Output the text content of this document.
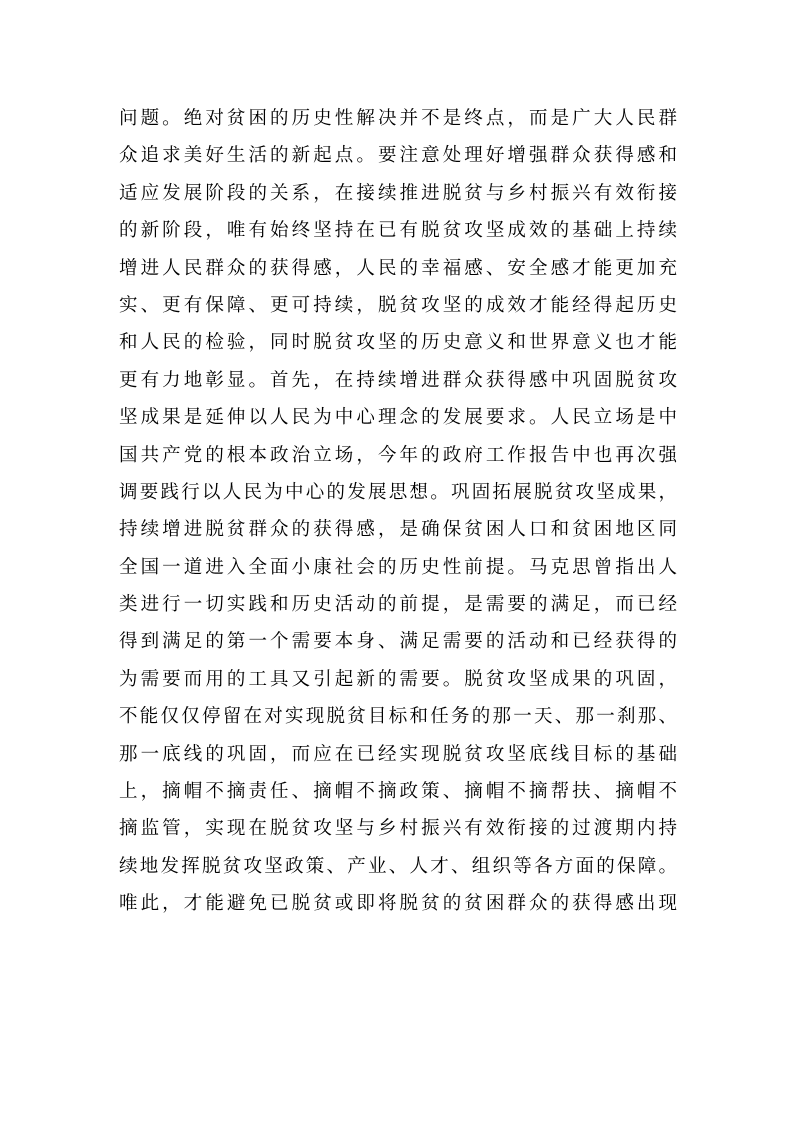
问题。绝对贫困的历史性解决并不是终点，而是广大人民群
众追求美好生活的新起点。要注意处理好增强群众获得感和
适应发展阶段的关系，在接续推进脱贫与乡村振兴有效衔接
的新阶段，唯有始终坚持在已有脱贫攻坚成效的基础上持续
增进人民群众的获得感，人民的幸福感、安全感才能更加充
实、更有保障、更可持续，脱贫攻坚的成效才能经得起历史
和人民的检验，同时脱贫攻坚的历史意义和世界意义也才能
更有力地彰显。首先，在持续增进群众获得感中巩固脱贫攻
坚成果是延伸以人民为中心理念的发展要求。人民立场是中
国共产党的根本政治立场，今年的政府工作报告中也再次强
调要践行以人民为中心的发展思想。巩固拓展脱贫攻坚成果，
持续增进脱贫群众的获得感，是确保贫困人口和贫困地区同
全国一道进入全面小康社会的历史性前提。马克思曾指出人
类进行一切实践和历史活动的前提，是需要的满足，而已经
得到满足的第一个需要本身、满足需要的活动和已经获得的
为需要而用的工具又引起新的需要。脱贫攻坚成果的巩固，
不能仅仅停留在对实现脱贫目标和任务的那一天、那一刹那、
那一底线的巩固，而应在已经实现脱贫攻坚底线目标的基础
上，摘帽不摘责任、摘帽不摘政策、摘帽不摘帮扶、摘帽不
摘监管，实现在脱贫攻坚与乡村振兴有效衔接的过渡期内持
续地发挥脱贫攻坚政策、产业、人才、组织等各方面的保障。
唯此，才能避免已脱贫或即将脱贫的贫困群众的获得感出现
